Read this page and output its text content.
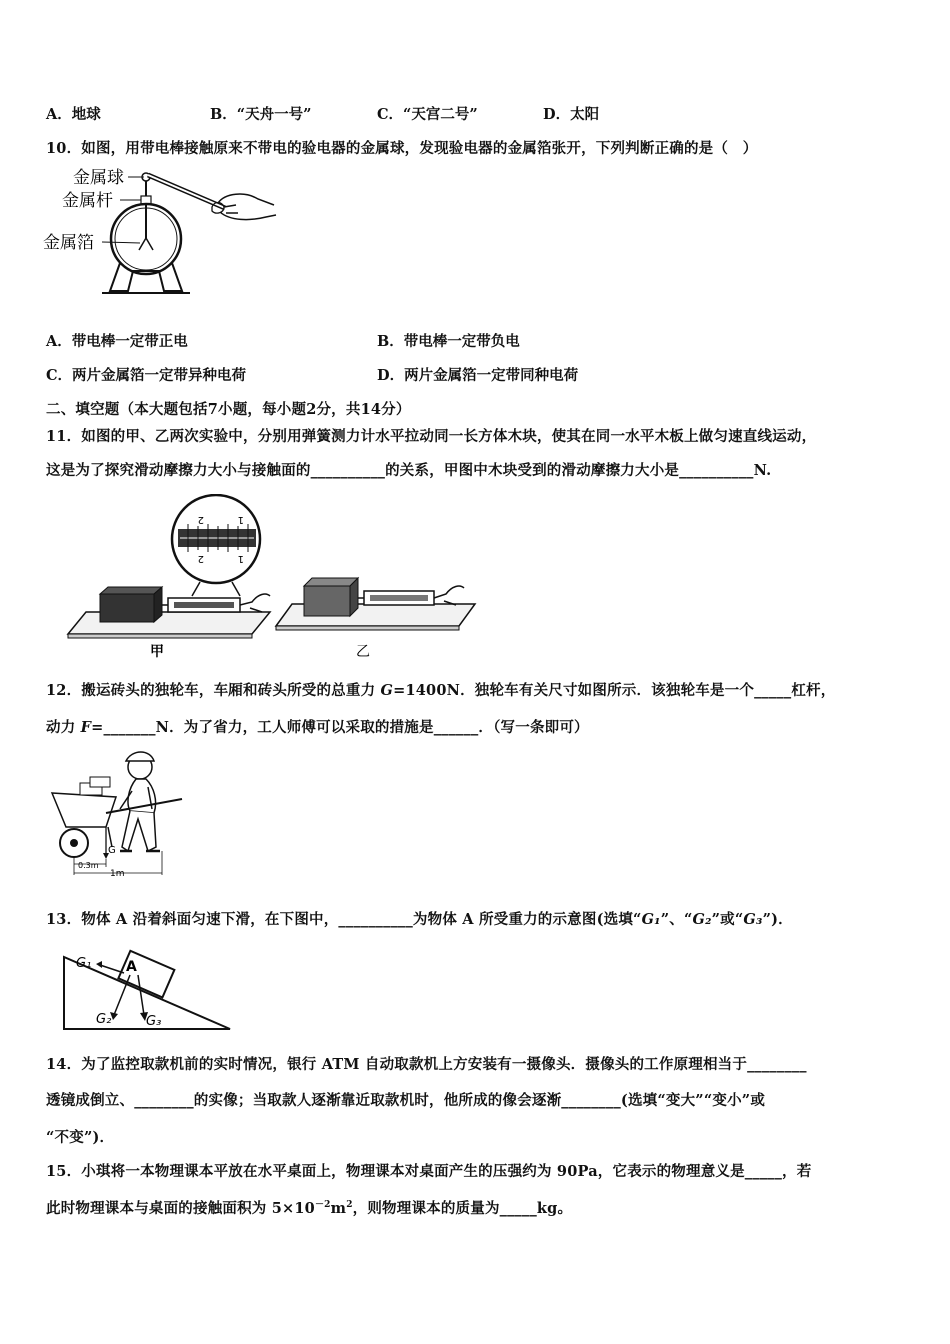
A．地球	B．“天舟一号”	C．“天宫二号”	D．太阳
10．如图，用带电棒接触原来不带电的验电器的金属球，发现验电器的金属箔张开，下列判断正确的是（　）
金属球
金属杆
金属箔
A．带电棒一定带正电	B．带电棒一定带负电
C．两片金属箔一定带异种电荷	D．两片金属箔一定带同种电荷
二、填空题（本大题包括7小题，每小题2分，共14分）
11．如图的甲、乙两次实验中，分别用弹簧测力计水平拉动同一长方体木块，使其在同一水平木板上做匀速直线运动，
这是为了探究滑动摩擦力大小与接触面的__________的关系，甲图中木块受到的滑动摩擦力大小是__________N.
2	1
2	1
甲	乙
12．搬运砖头的独轮车，车厢和砖头所受的总重力 G=1400N．独轮车有关尺寸如图所示．该独轮车是一个_____杠杆，
动力 F=_______N．为了省力，工人师傅可以采取的措施是______．（写一条即可）
G
0.3m
1m
13．物体 A 沿着斜面匀速下滑，在下图中，__________为物体 A 所受重力的示意图(选填“G₁”、“G₂”或“G₃”)．
A
G₁
G₂	G₃
14．为了监控取款机前的实时情况，银行 ATM 自动取款机上方安装有一摄像头．摄像头的工作原理相当于________
透镜成倒立、________的实像；当取款人逐渐靠近取款机时，他所成的像会逐渐________(选填“变大”“变小”或
“不变”)．
15．小琪将一本物理课本平放在水平桌面上，物理课本对桌面产生的压强约为 90Pa，它表示的物理意义是_____，若
此时物理课本与桌面的接触面积为 $5\times 10^{-2}m^2$，则物理课本的质量为_____kg。
